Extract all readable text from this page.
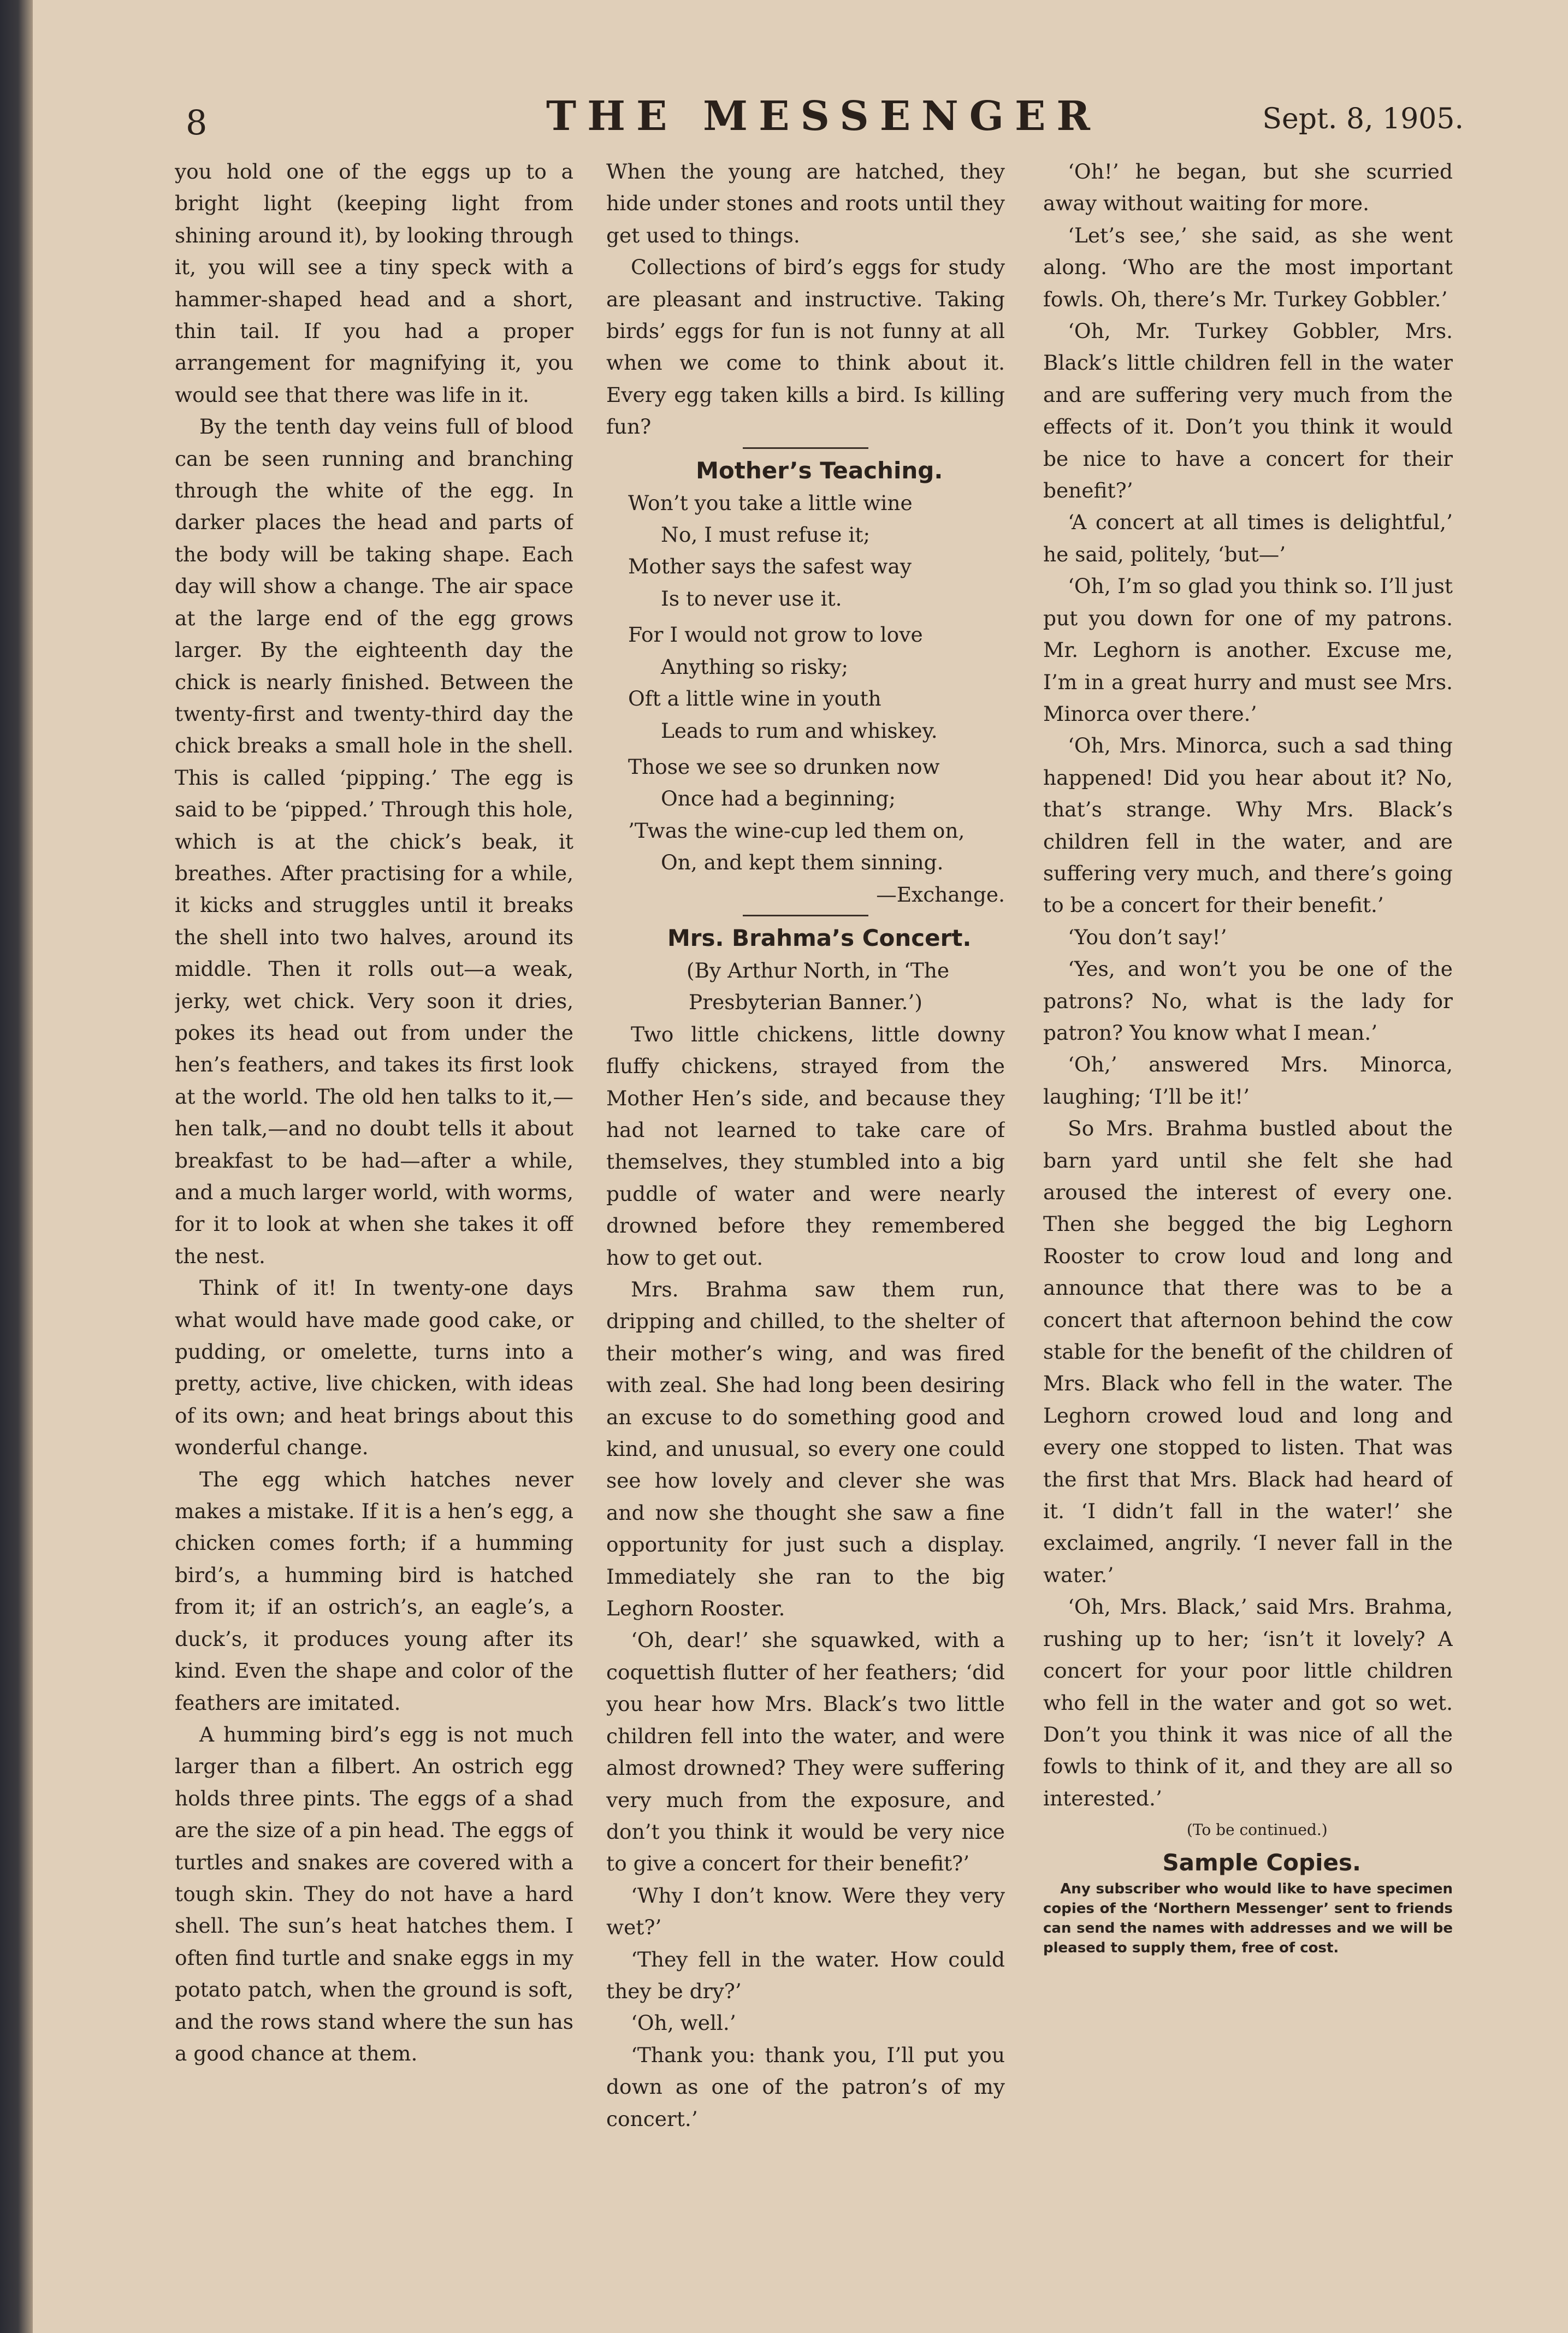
8	THE MESSENGER	Sept. 8, 1905.

you hold one of the eggs up to a bright light (keeping light from shining around it), by looking through it, you will see a tiny speck with a hammer-shaped head and a short, thin tail. If you had a proper arrangement for magnifying it, you would see that there was life in it.

By the tenth day veins full of blood can be seen running and branching through the white of the egg. In darker places the head and parts of the body will be taking shape. Each day will show a change. The air space at the large end of the egg grows larger. By the eighteenth day the chick is nearly finished. Between the twenty-first and twenty-third day the chick breaks a small hole in the shell. This is called ‘pipping.’ The egg is said to be ‘pipped.’ Through this hole, which is at the chick’s beak, it breathes. After practising for a while, it kicks and struggles until it breaks the shell into two halves, around its middle. Then it rolls out—a weak, jerky, wet chick. Very soon it dries, pokes its head out from under the hen’s feathers, and takes its first look at the world. The old hen talks to it,—hen talk,—and no doubt tells it about breakfast to be had—after a while, and a much larger world, with worms, for it to look at when she takes it off the nest.

Think of it! In twenty-one days what would have made good cake, or pudding, or omelette, turns into a pretty, active, live chicken, with ideas of its own; and heat brings about this wonderful change.

The egg which hatches never makes a mistake. If it is a hen’s egg, a chicken comes forth; if a humming bird’s, a humming bird is hatched from it; if an ostrich’s, an eagle’s, a duck’s, it produces young after its kind. Even the shape and color of the feathers are imitated.

A humming bird’s egg is not much larger than a filbert. An ostrich egg holds three pints. The eggs of a shad are the size of a pin head. The eggs of turtles and snakes are covered with a tough skin. They do not have a hard shell. The sun’s heat hatches them. I often find turtle and snake eggs in my potato patch, when the ground is soft, and the rows stand where the sun has a good chance at them.

When the young are hatched, they hide under stones and roots until they get used to things.

Collections of bird’s eggs for study are pleasant and instructive. Taking birds’ eggs for fun is not funny at all when we come to think about it. Every egg taken kills a bird. Is killing fun?

Mother’s Teaching.

Won’t you take a little wine
No, I must refuse it;
Mother says the safest way
Is to never use it.
For I would not grow to love
Anything so risky;
Oft a little wine in youth
Leads to rum and whiskey.
Those we see so drunken now
Once had a beginning;
’Twas the wine-cup led them on,
On, and kept them sinning.
—Exchange.

Mrs. Brahma’s Concert.

(By Arthur North, in ‘The Presbyterian Banner.’)

Two little chickens, little downy fluffy chickens, strayed from the Mother Hen’s side, and because they had not learned to take care of themselves, they stumbled into a big puddle of water and were nearly drowned before they remembered how to get out.

Mrs. Brahma saw them run, dripping and chilled, to the shelter of their mother’s wing, and was fired with zeal. She had long been desiring an excuse to do something good and kind, and unusual, so every one could see how lovely and clever she was and now she thought she saw a fine opportunity for just such a display. Immediately she ran to the big Leghorn Rooster.

‘Oh, dear!’ she squawked, with a coquettish flutter of her feathers; ‘did you hear how Mrs. Black’s two little children fell into the water, and were almost drowned? They were suffering very much from the exposure, and don’t you think it would be very nice to give a concert for their benefit?’

‘Why I don’t know. Were they very wet?’

‘They fell in the water. How could they be dry?’

‘Oh, well.’

‘Thank you: thank you, I’ll put you down as one of the patron’s of my concert.’

‘Oh!’ he began, but she scurried away without waiting for more.

‘Let’s see,’ she said, as she went along. ‘Who are the most important fowls. Oh, there’s Mr. Turkey Gobbler.’

‘Oh, Mr. Turkey Gobbler, Mrs. Black’s little children fell in the water and are suffering very much from the effects of it. Don’t you think it would be nice to have a concert for their benefit?’

‘A concert at all times is delightful,’ he said, politely, ‘but—’

‘Oh, I’m so glad you think so. I’ll just put you down for one of my patrons. Mr. Leghorn is another. Excuse me, I’m in a great hurry and must see Mrs. Minorca over there.’

‘Oh, Mrs. Minorca, such a sad thing happened! Did you hear about it? No, that’s strange. Why Mrs. Black’s children fell in the water, and are suffering very much, and there’s going to be a concert for their benefit.’

‘You don’t say!’

‘Yes, and won’t you be one of the patrons? No, what is the lady for patron? You know what I mean.’

‘Oh,’ answered Mrs. Minorca, laughing; ‘I’ll be it!’

So Mrs. Brahma bustled about the barn yard until she felt she had aroused the interest of every one. Then she begged the big Leghorn Rooster to crow loud and long and announce that there was to be a concert that afternoon behind the cow stable for the benefit of the children of Mrs. Black who fell in the water. The Leghorn crowed loud and long and every one stopped to listen. That was the first that Mrs. Black had heard of it. ‘I didn’t fall in the water!’ she exclaimed, angrily. ‘I never fall in the water.’

‘Oh, Mrs. Black,’ said Mrs. Brahma, rushing up to her; ‘isn’t it lovely? A concert for your poor little children who fell in the water and got so wet. Don’t you think it was nice of all the fowls to think of it, and they are all so interested.’

(To be continued.)

Sample Copies.

Any subscriber who would like to have specimen copies of the ‘Northern Messenger’ sent to friends can send the names with addresses and we will be pleased to supply them, free of cost.
